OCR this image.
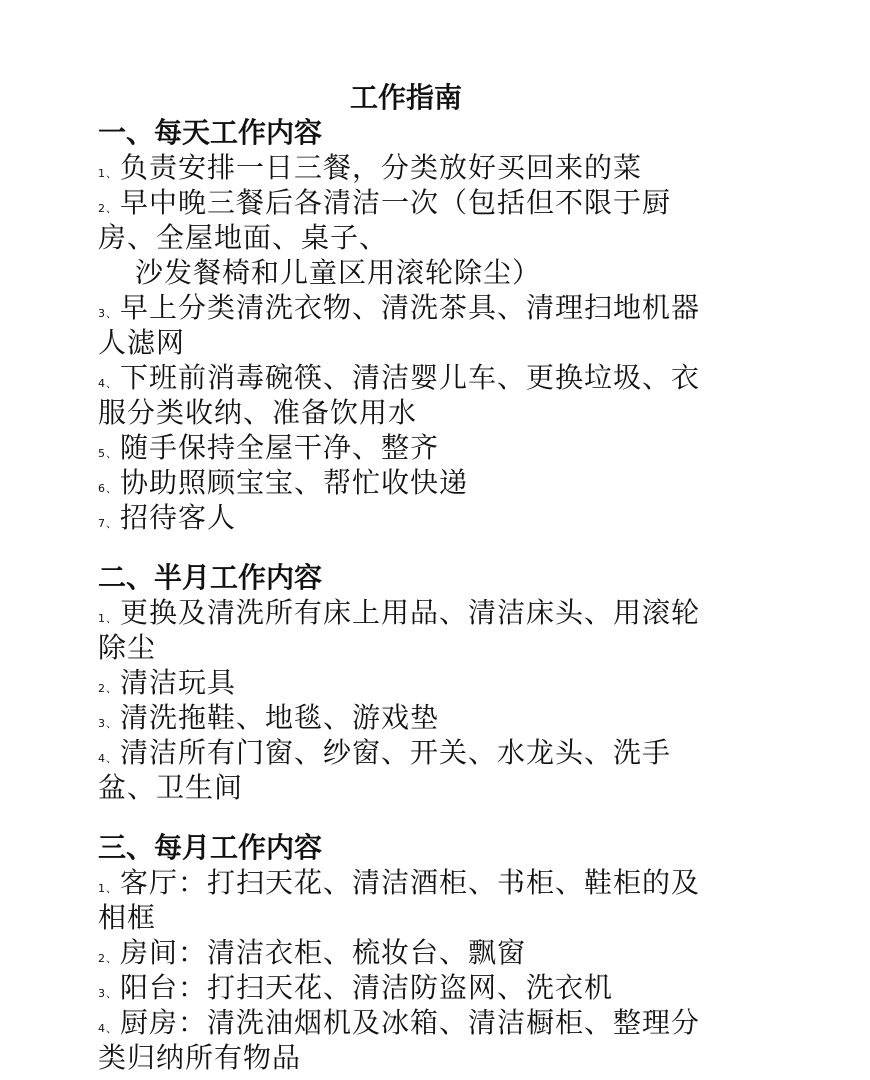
工作指南
一、每天工作内容
1、负责安排一日三餐，分类放好买回来的菜
2、早中晚三餐后各清洁一次（包括但不限于厨
房、全屋地面、桌子、
沙发餐椅和儿童区用滚轮除尘）
3、早上分类清洗衣物、清洗茶具、清理扫地机器
人滤网
4、下班前消毒碗筷、清洁婴儿车、更换垃圾、衣
服分类收纳、准备饮用水
5、随手保持全屋干净、整齐
6、协助照顾宝宝、帮忙收快递
7、招待客人
二、半月工作内容
1、更换及清洗所有床上用品、清洁床头、用滚轮
除尘
2、清洁玩具
3、清洗拖鞋、地毯、游戏垫
4、清洁所有门窗、纱窗、开关、水龙头、洗手
盆、卫生间
三、每月工作内容
1、客厅：打扫天花、清洁酒柜、书柜、鞋柜的及
相框
2、房间：清洁衣柜、梳妆台、飘窗
3、阳台：打扫天花、清洁防盗网、洗衣机
4、厨房：清洗油烟机及冰箱、清洁橱柜、整理分
类归纳所有物品
